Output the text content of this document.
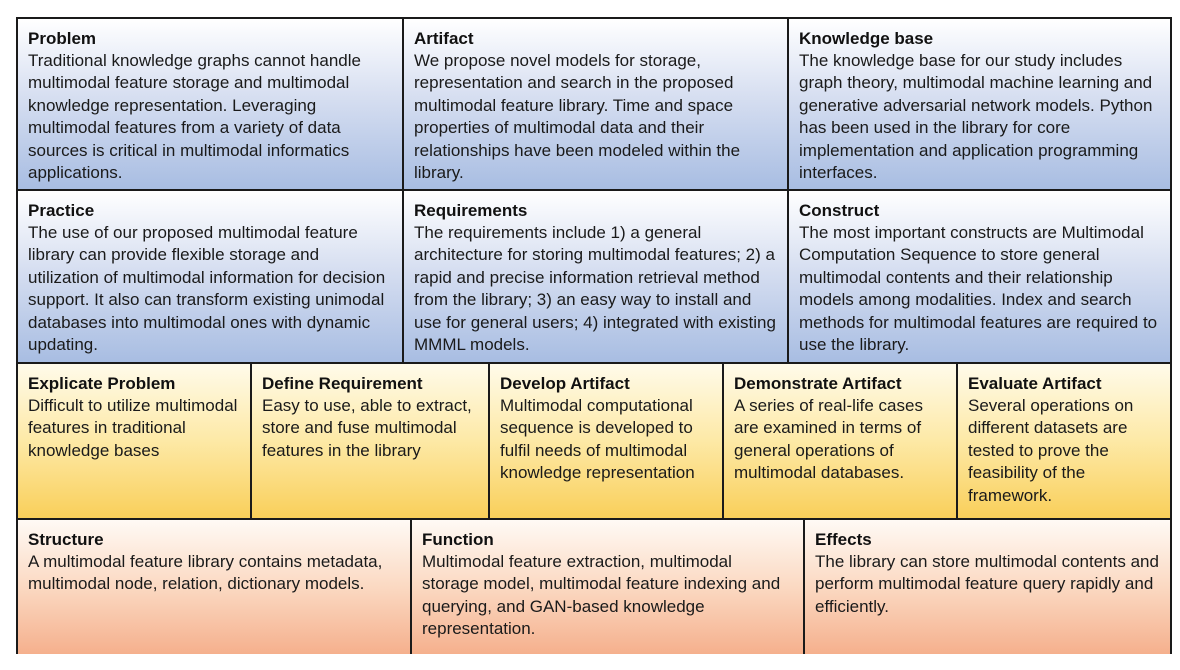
Problem
Traditional knowledge graphs cannot handle multimodal feature storage and multimodal knowledge representation. Leveraging multimodal features from a variety of data sources is critical in multimodal informatics applications.
Artifact
We propose novel models for storage, representation and search in the proposed multimodal feature library. Time and space properties of multimodal data and their relationships have been modeled within the library.
Knowledge base
The knowledge base for our study includes graph theory, multimodal machine learning and generative adversarial network models. Python has been used in the library for core implementation and application programming interfaces.
Practice
The use of our proposed multimodal feature library can provide flexible storage and utilization of multimodal information for decision support. It also can transform existing unimodal databases into multimodal ones with dynamic updating.
Requirements
The requirements include 1) a general architecture for storing multimodal features; 2) a rapid and precise information retrieval method from the library; 3) an easy way to install and use for general users; 4) integrated with existing MMML models.
Construct
The most important constructs are Multimodal Computation Sequence to store general multimodal contents and their relationship models among modalities. Index and search methods for multimodal features are required to use the library.
Explicate Problem
Difficult to utilize multimodal features in traditional knowledge bases
Define Requirement
Easy to use, able to extract, store and fuse multimodal features in the library
Develop Artifact
Multimodal computational sequence is developed to fulfil needs of multimodal knowledge representation
Demonstrate Artifact
A series of real-life cases are examined in terms of general operations of multimodal databases.
Evaluate Artifact
Several operations on different datasets are tested to prove the feasibility of the framework.
Structure
A multimodal feature library contains metadata, multimodal node, relation, dictionary models.
Function
Multimodal feature extraction, multimodal storage model, multimodal feature indexing and querying, and GAN-based knowledge representation.
Effects
The library can store multimodal contents and perform multimodal feature query rapidly and efficiently.
